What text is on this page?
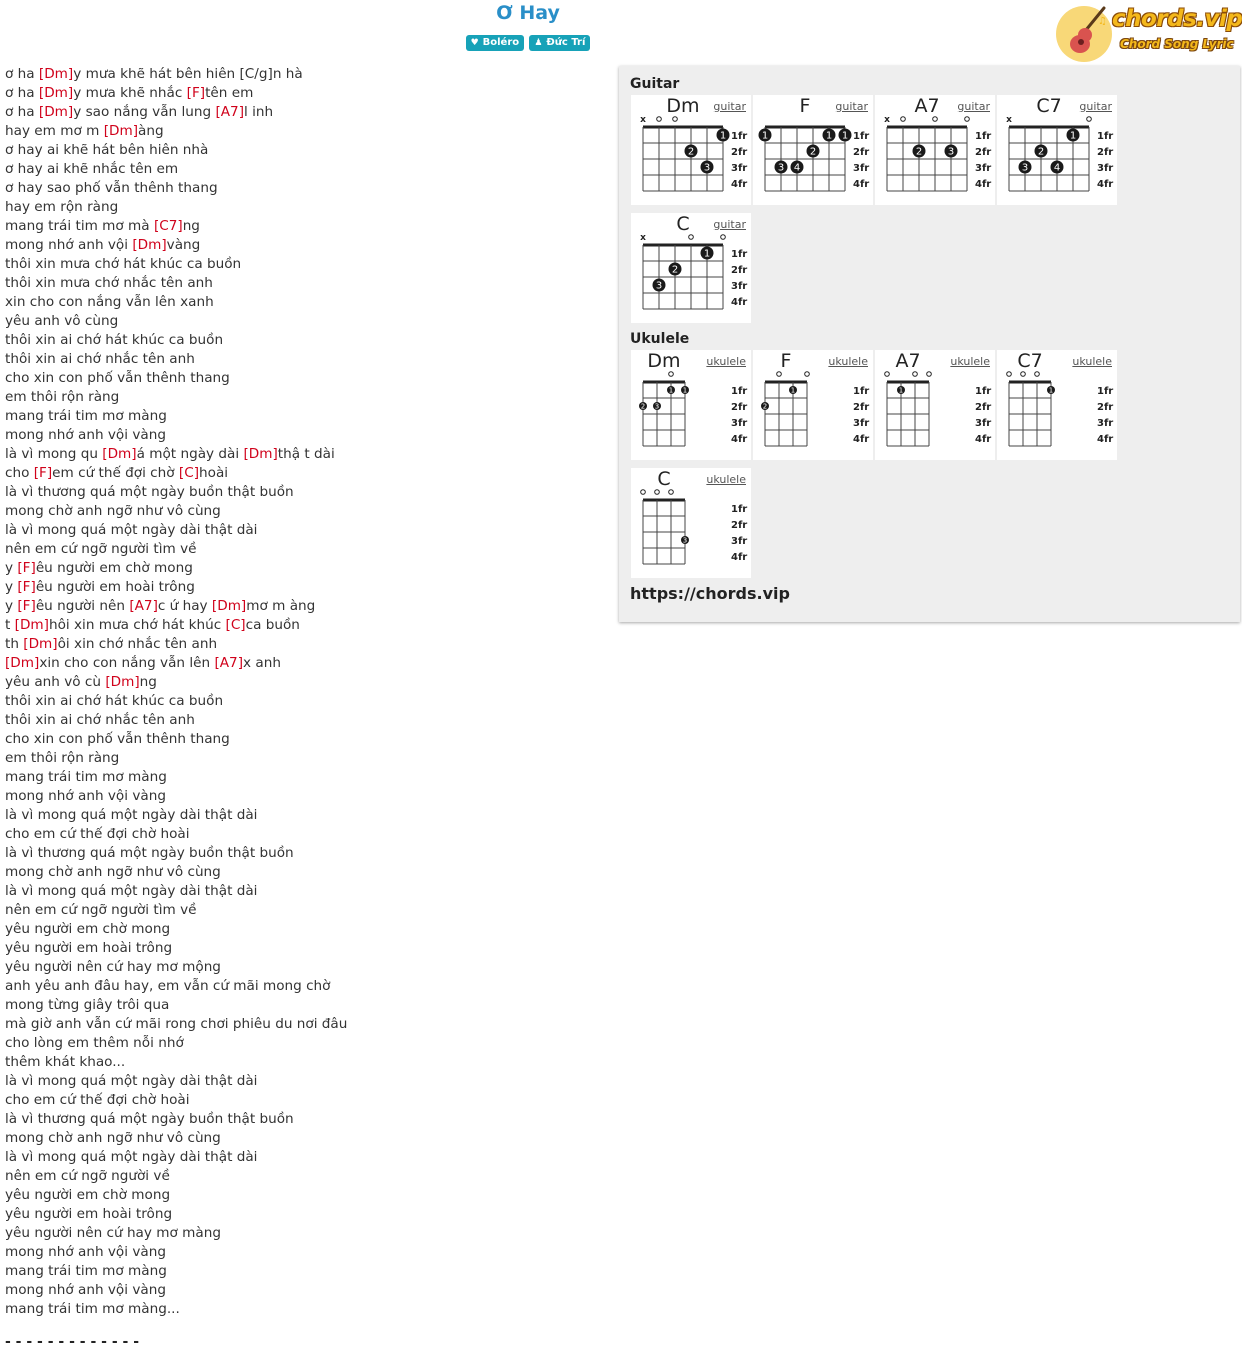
Ơ Hay
♥ Boléro ♟ Đức Trí
♫ chords.vip
Chord Song Lyric
ơ ha [Dm]y mưa khẽ hát bên hiên [C/g]n hà
ơ ha [Dm]y mưa khẽ nhắc [F]tên em
ơ ha [Dm]y sao nắng vẫn lung [A7]l inh
hay em mơ m [Dm]àng
ơ hay ai khẽ hát bên hiên nhà
ơ hay ai khẽ nhắc tên em
ơ hay sao phố vẫn thênh thang
hay em rộn ràng
mang trái tim mơ mà [C7]ng
mong nhớ anh vội [Dm]vàng
thôi xin mưa chớ hát khúc ca buồn
thôi xin mưa chớ nhắc tên anh
xin cho con nắng vẫn lên xanh
yêu anh vô cùng
thôi xin ai chớ hát khúc ca buồn
thôi xin ai chớ nhắc tên anh
cho xin con phố vẫn thênh thang
em thôi rộn ràng
mang trái tim mơ màng
mong nhớ anh vội vàng
là vì mong qu [Dm]á một ngày dài [Dm]thậ t dài
cho [F]em cứ thế đợi chờ [C]hoài
là vì thương quá một ngày buồn thật buồn
mong chờ anh ngỡ như vô cùng
là vì mong quá một ngày dài thật dài
nên em cứ ngỡ người tìm về
y [F]êu người em chờ mong
y [F]êu người em hoài trông
y [F]êu người nên [A7]c ứ hay [Dm]mơ m àng
t [Dm]hôi xin mưa chớ hát khúc [C]ca buồn
th [Dm]ôi xin chớ nhắc tên anh
[Dm]xin cho con nắng vẫn lên [A7]x anh
yêu anh vô cù [Dm]ng
thôi xin ai chớ hát khúc ca buồn
thôi xin ai chớ nhắc tên anh
cho xin con phố vẫn thênh thang
em thôi rộn ràng
mang trái tim mơ màng
mong nhớ anh vội vàng
là vì mong quá một ngày dài thật dài
cho em cứ thế đợi chờ hoài
là vì thương quá một ngày buồn thật buồn
mong chờ anh ngỡ như vô cùng
là vì mong quá một ngày dài thật dài
nên em cứ ngỡ người tìm về
yêu người em chờ mong
yêu người em hoài trông
yêu người nên cứ hay mơ mộng
anh yêu anh đâu hay, em vẫn cứ mãi mong chờ
mong từng giây trôi qua
mà giờ anh vẫn cứ mãi rong chơi phiêu du nơi đâu
cho lòng em thêm nỗi nhớ
thêm khát khao...
là vì mong quá một ngày dài thật dài
cho em cứ thế đợi chờ hoài
là vì thương quá một ngày buồn thật buồn
mong chờ anh ngỡ như vô cùng
là vì mong quá một ngày dài thật dài
nên em cứ ngỡ người về
yêu người em chờ mong
yêu người em hoài trông
yêu người nên cứ hay mơ màng
mong nhớ anh vội vàng
mang trái tim mơ màng
mong nhớ anh vội vàng
mang trái tim mơ màng...
- - - - - - - - - - - - -
Guitar
1fr
2fr
3fr
4fr
x
1
2
3
Dm guitar
1fr
2fr
3fr
4fr
1	1 1
2
3 4
F	guitar
1fr
2fr
3fr
4fr
x
2	3
A7	guitar
1fr
2fr
3fr
4fr
x
1
2
3	4
C7	guitar
1fr
2fr
3fr
4fr
x
1
2
3
C	guitar
Ukulele
1fr
2fr
3fr
4fr
1 1
2 3
Dm ukulele
1fr
2fr
3fr
4fr
1
2
F	ukulele
1fr
2fr
3fr
4fr
1
A7	ukulele
1fr
2fr
3fr
4fr
1
C7	ukulele
1fr
2fr
3fr
4fr
3
C	ukulele
https://chords.vip
